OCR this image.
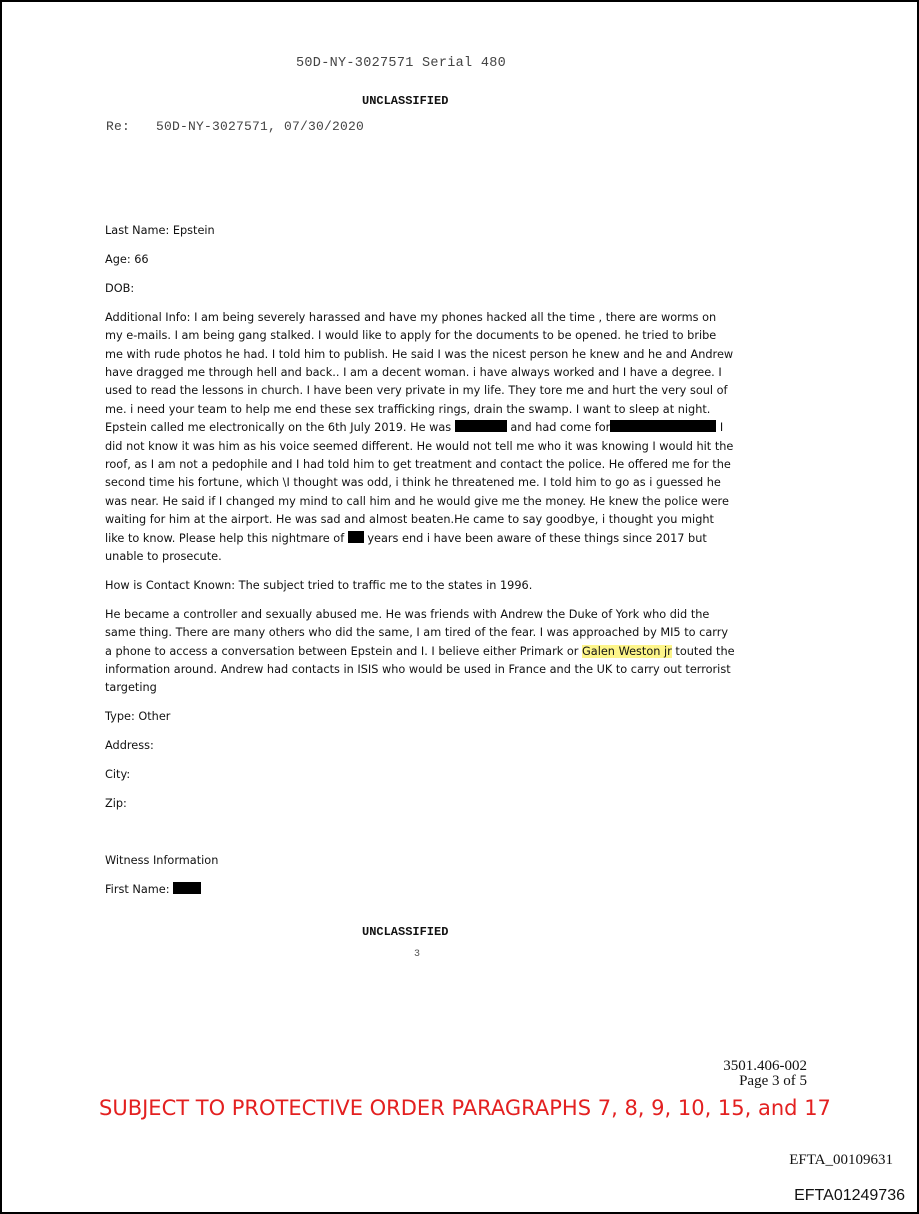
50D-NY-3027571 Serial 480
UNCLASSIFIED
Re: 50D-NY-3027571, 07/30/2020
Last Name: Epstein
Age: 66
DOB:
Additional Info: I am being severely harassed and have my phones hacked all the time , there are worms on my e-mails. I am being gang stalked. I would like to apply for the documents to be opened. he tried to bribe me with rude photos he had. I told him to publish. He said I was the nicest person he knew and he and Andrew have dragged me through hell and back.. I am a decent woman. i have always worked and I have a degree. I used to read the lessons in church. I have been very private in my life. They tore me and hurt the very soul of me. i need your team to help me end these sex trafficking rings, drain the swamp. I want to sleep at night. Epstein called me electronically on the 6th July 2019. He was	and had come for	I did not know it was him as his voice seemed different. He would not tell me who it was knowing I would hit the roof, as I am not a pedophile and I had told him to get treatment and contact the police. He offered me for the second time his fortune, which \I thought was odd, i think he threatened me. I told him to go as i guessed he was near. He said if I changed my mind to call him and he would give me the money. He knew the police were waiting for him at the airport. He was sad and almost beaten.He came to say goodbye, i thought you might like to know. Please help this nightmare of  years end i have been aware of these things since 2017 but unable to prosecute.
How is Contact Known: The subject tried to traffic me to the states in 1996.
He became a controller and sexually abused me. He was friends with Andrew the Duke of York who did the same thing. There are many others who did the same, I am tired of the fear. I was approached by MI5 to carry a phone to access a conversation between Epstein and I. I believe either Primark or Galen Weston jr touted the information around. Andrew had contacts in ISIS who would be used in France and the UK to carry out terrorist targeting
Type: Other
Address:
City:
Zip:
Witness Information
First Name:
UNCLASSIFIED
3
3501.406-002
Page 3 of 5
SUBJECT TO PROTECTIVE ORDER PARAGRAPHS 7, 8, 9, 10, 15, and 17
EFTA_00109631
EFTA01249736
